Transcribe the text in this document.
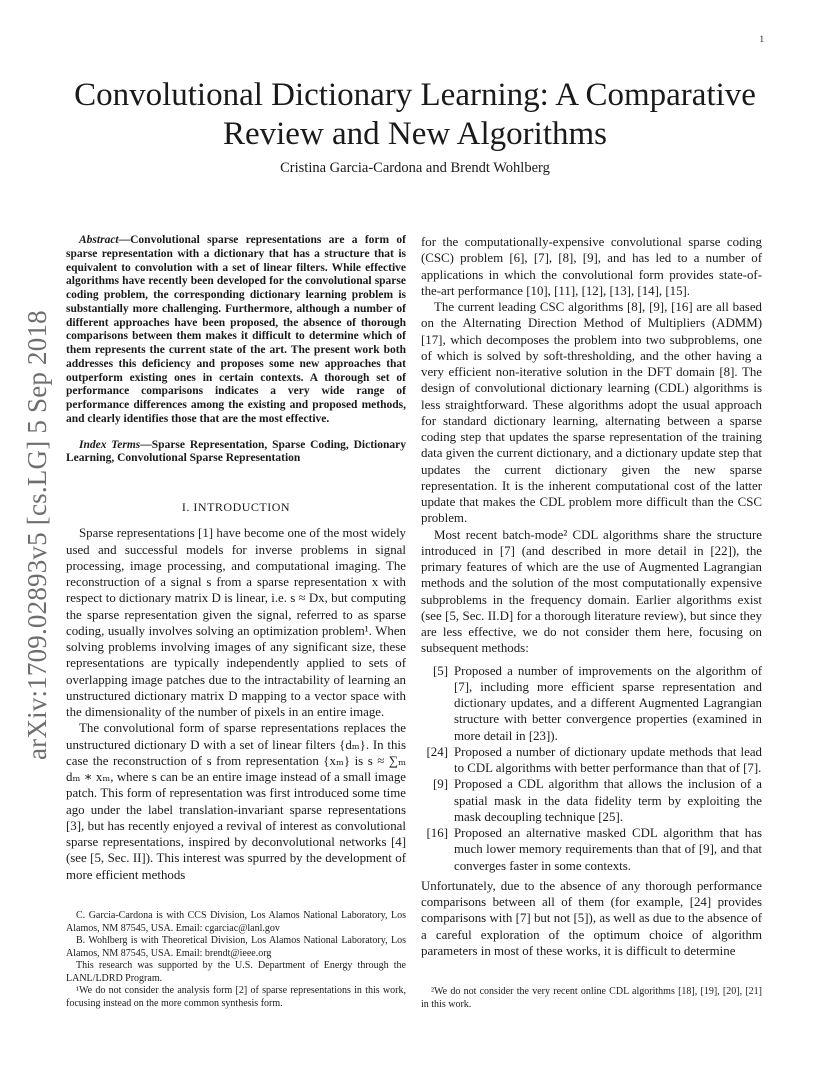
1
arXiv:1709.02893v5 [cs.LG] 5 Sep 2018
Convolutional Dictionary Learning: A Comparative Review and New Algorithms
Cristina Garcia-Cardona and Brendt Wohlberg

Abstract—Convolutional sparse representations are a form of sparse representation with a dictionary that has a structure that is equivalent to convolution with a set of linear filters. While effective algorithms have recently been developed for the convolutional sparse coding problem, the corresponding dictionary learning problem is substantially more challenging. Furthermore, although a number of different approaches have been proposed, the absence of thorough comparisons between them makes it difficult to determine which of them represents the current state of the art. The present work both addresses this deficiency and proposes some new approaches that outperform existing ones in certain contexts. A thorough set of performance comparisons indicates a very wide range of performance differences among the existing and proposed methods, and clearly identifies those that are the most effective.

Index Terms—Sparse Representation, Sparse Coding, Dictionary Learning, Convolutional Sparse Representation

I. INTRODUCTION

Sparse representations [1] have become one of the most widely used and successful models for inverse problems in signal processing, image processing, and computational imaging. The reconstruction of a signal s from a sparse representation x with respect to dictionary matrix D is linear, i.e. s ≈ Dx, but computing the sparse representation given the signal, referred to as sparse coding, usually involves solving an optimization problem¹. When solving problems involving images of any significant size, these representations are typically independently applied to sets of overlapping image patches due to the intractability of learning an unstructured dictionary matrix D mapping to a vector space with the dimensionality of the number of pixels in an entire image.

The convolutional form of sparse representations replaces the unstructured dictionary D with a set of linear filters {dₘ}. In this case the reconstruction of s from representation {xₘ} is s ≈ ∑ₘ dₘ ∗ xₘ, where s can be an entire image instead of a small image patch. This form of representation was first introduced some time ago under the label translation-invariant sparse representations [3], but has recently enjoyed a revival of interest as convolutional sparse representations, inspired by deconvolutional networks [4] (see [5, Sec. II]). This interest was spurred by the development of more efficient methods

C. Garcia-Cardona is with CCS Division, Los Alamos National Laboratory, Los Alamos, NM 87545, USA. Email: cgarciac@lanl.gov

B. Wohlberg is with Theoretical Division, Los Alamos National Laboratory, Los Alamos, NM 87545, USA. Email: brendt@ieee.org

This research was supported by the U.S. Department of Energy through the LANL/LDRD Program.

¹We do not consider the analysis form [2] of sparse representations in this work, focusing instead on the more common synthesis form.

for the computationally-expensive convolutional sparse coding (CSC) problem [6], [7], [8], [9], and has led to a number of applications in which the convolutional form provides state-of-the-art performance [10], [11], [12], [13], [14], [15].

The current leading CSC algorithms [8], [9], [16] are all based on the Alternating Direction Method of Multipliers (ADMM) [17], which decomposes the problem into two subproblems, one of which is solved by soft-thresholding, and the other having a very efficient non-iterative solution in the DFT domain [8]. The design of convolutional dictionary learning (CDL) algorithms is less straightforward. These algorithms adopt the usual approach for standard dictionary learning, alternating between a sparse coding step that updates the sparse representation of the training data given the current dictionary, and a dictionary update step that updates the current dictionary given the new sparse representation. It is the inherent computational cost of the latter update that makes the CDL problem more difficult than the CSC problem.

Most recent batch-mode² CDL algorithms share the structure introduced in [7] (and described in more detail in [22]), the primary features of which are the use of Augmented Lagrangian methods and the solution of the most computationally expensive subproblems in the frequency domain. Earlier algorithms exist (see [5, Sec. II.D] for a thorough literature review), but since they are less effective, we do not consider them here, focusing on subsequent methods:

[5] Proposed a number of improvements on the algorithm of [7], including more efficient sparse representation and dictionary updates, and a different Augmented Lagrangian structure with better convergence properties (examined in more detail in [23]).
[24] Proposed a number of dictionary update methods that lead to CDL algorithms with better performance than that of [7].
[9] Proposed a CDL algorithm that allows the inclusion of a spatial mask in the data fidelity term by exploiting the mask decoupling technique [25].
[16] Proposed an alternative masked CDL algorithm that has much lower memory requirements than that of [9], and that converges faster in some contexts.

Unfortunately, due to the absence of any thorough performance comparisons between all of them (for example, [24] provides comparisons with [7] but not [5]), as well as due to the absence of a careful exploration of the optimum choice of algorithm parameters in most of these works, it is difficult to determine

²We do not consider the very recent online CDL algorithms [18], [19], [20], [21] in this work.
